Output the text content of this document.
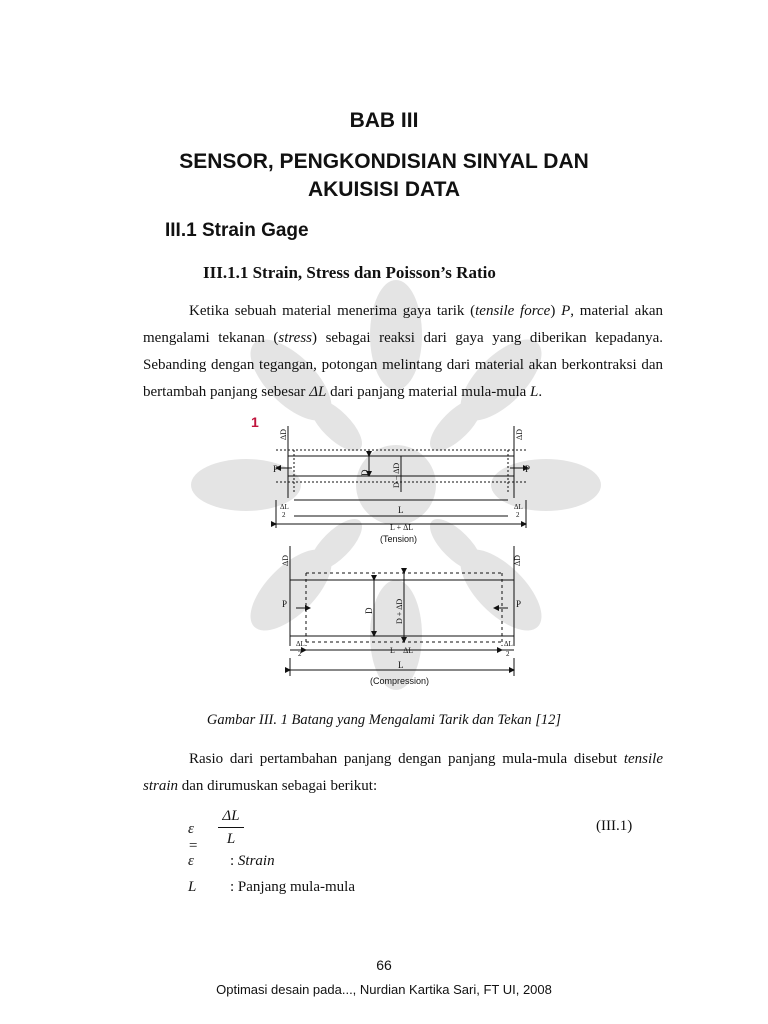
BAB III
SENSOR, PENGKONDISIAN SINYAL DAN
AKUISISI DATA
III.1 Strain Gage
III.1.1 Strain, Stress dan Poisson’s Ratio
Ketika sebuah material menerima gaya tarik (tensile force) P, material akan
mengalami tekanan (stress) sebagai reaksi dari gaya yang diberikan kepadanya.
Sebanding dengan tegangan, potongan melintang dari material akan berkontraksi dan
bertambah panjang sebesar ΔL dari panjang material mula-mula L.
1
P	P
ΔD	ΔD
D	D − ΔD
ΔL
2
ΔL
2
L
L + ΔL
(Tension)
P	P
ΔD	ΔD
D	D + ΔD
ΔL
2
ΔL
2
L − ΔL
L
(Compression)
Gambar III. 1 Batang yang Mengalami Tarik dan Tekan [12]
Rasio dari pertambahan panjang dengan panjang mula-mula disebut tensile
strain dan dirumuskan sebagai berikut:
ε =
ΔL
L
(III.1)
ε : Strain
L : Panjang mula-mula
66
Optimasi desain pada..., Nurdian Kartika Sari, FT UI, 2008
